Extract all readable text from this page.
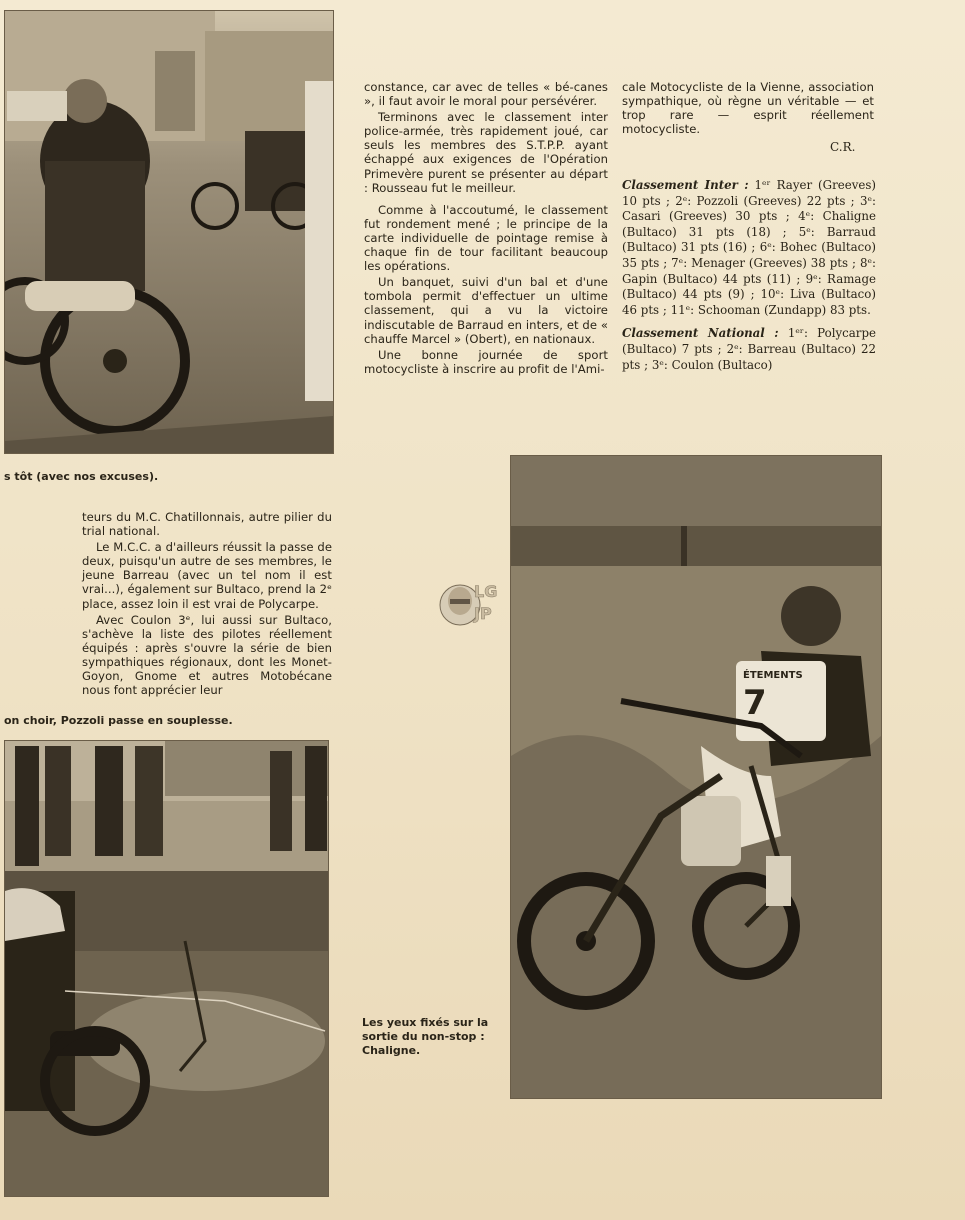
constance, car avec de telles « bé-canes », il faut avoir le moral pour persévérer.

Terminons avec le classement inter police-armée, très rapidement joué, car seuls les membres des S.T.P.P. ayant échappé aux exigences de l'Opération Primevère purent se présenter au départ : Rousseau fut le meilleur.

Comme à l'accoutumé, le classement fut rondement mené ; le principe de la carte individuelle de pointage remise à chaque fin de tour facilitant beaucoup les opérations.

Un banquet, suivi d'un bal et d'une tombola permit d'effectuer un ultime classement, qui a vu la victoire indiscutable de Barraud en inters, et de « chauffe Marcel » (Obert), en nationaux.

Une bonne journée de sport motocycliste à inscrire au profit de l'Ami-

cale Motocycliste de la Vienne, association sympathique, où règne un véritable — et trop rare — esprit réellement motocycliste.

C.R.

Classement Inter : 1ᵉʳ Rayer (Greeves) 10 pts ; 2ᵉ: Pozzoli (Greeves) 22 pts ; 3ᵉ: Casari (Greeves) 30 pts ; 4ᵉ: Chaligne (Bultaco) 31 pts (18) ; 5ᵉ: Barraud (Bultaco) 31 pts (16) ; 6ᵉ: Bohec (Bultaco) 35 pts ; 7ᵉ: Menager (Greeves) 38 pts ; 8ᵉ: Gapin (Bultaco) 44 pts (11) ; 9ᵉ: Ramage (Bultaco) 44 pts (9) ; 10ᵉ: Liva (Bultaco) 46 pts ; 11ᵉ: Schooman (Zundapp) 83 pts.

Classement National : 1ᵉʳ: Polycarpe (Bultaco) 7 pts ; 2ᵉ: Barreau (Bultaco) 22 pts ; 3ᵉ: Coulon (Bultaco)

s tôt (avec nos excuses).

teurs du M.C. Chatillonnais, autre pilier du trial national.

Le M.C.C. a d'ailleurs réussit la passe de deux, puisqu'un autre de ses membres, le jeune Barreau (avec un tel nom il est vrai...), également sur Bultaco, prend la 2ᵉ place, assez loin il est vrai de Polycarpe.

Avec Coulon 3ᵉ, lui aussi sur Bultaco, s'achève la liste des pilotes réellement équipés : après s'ouvre la série de bien sympathiques régionaux, dont les Monet-Goyon, Gnome et autres Motobécane nous font apprécier leur

LG
JP
on choir, Pozzoli passe en souplesse.	7
ÉTEMENTS
Les yeux fixés sur la sortie du non-stop : Chaligne.
